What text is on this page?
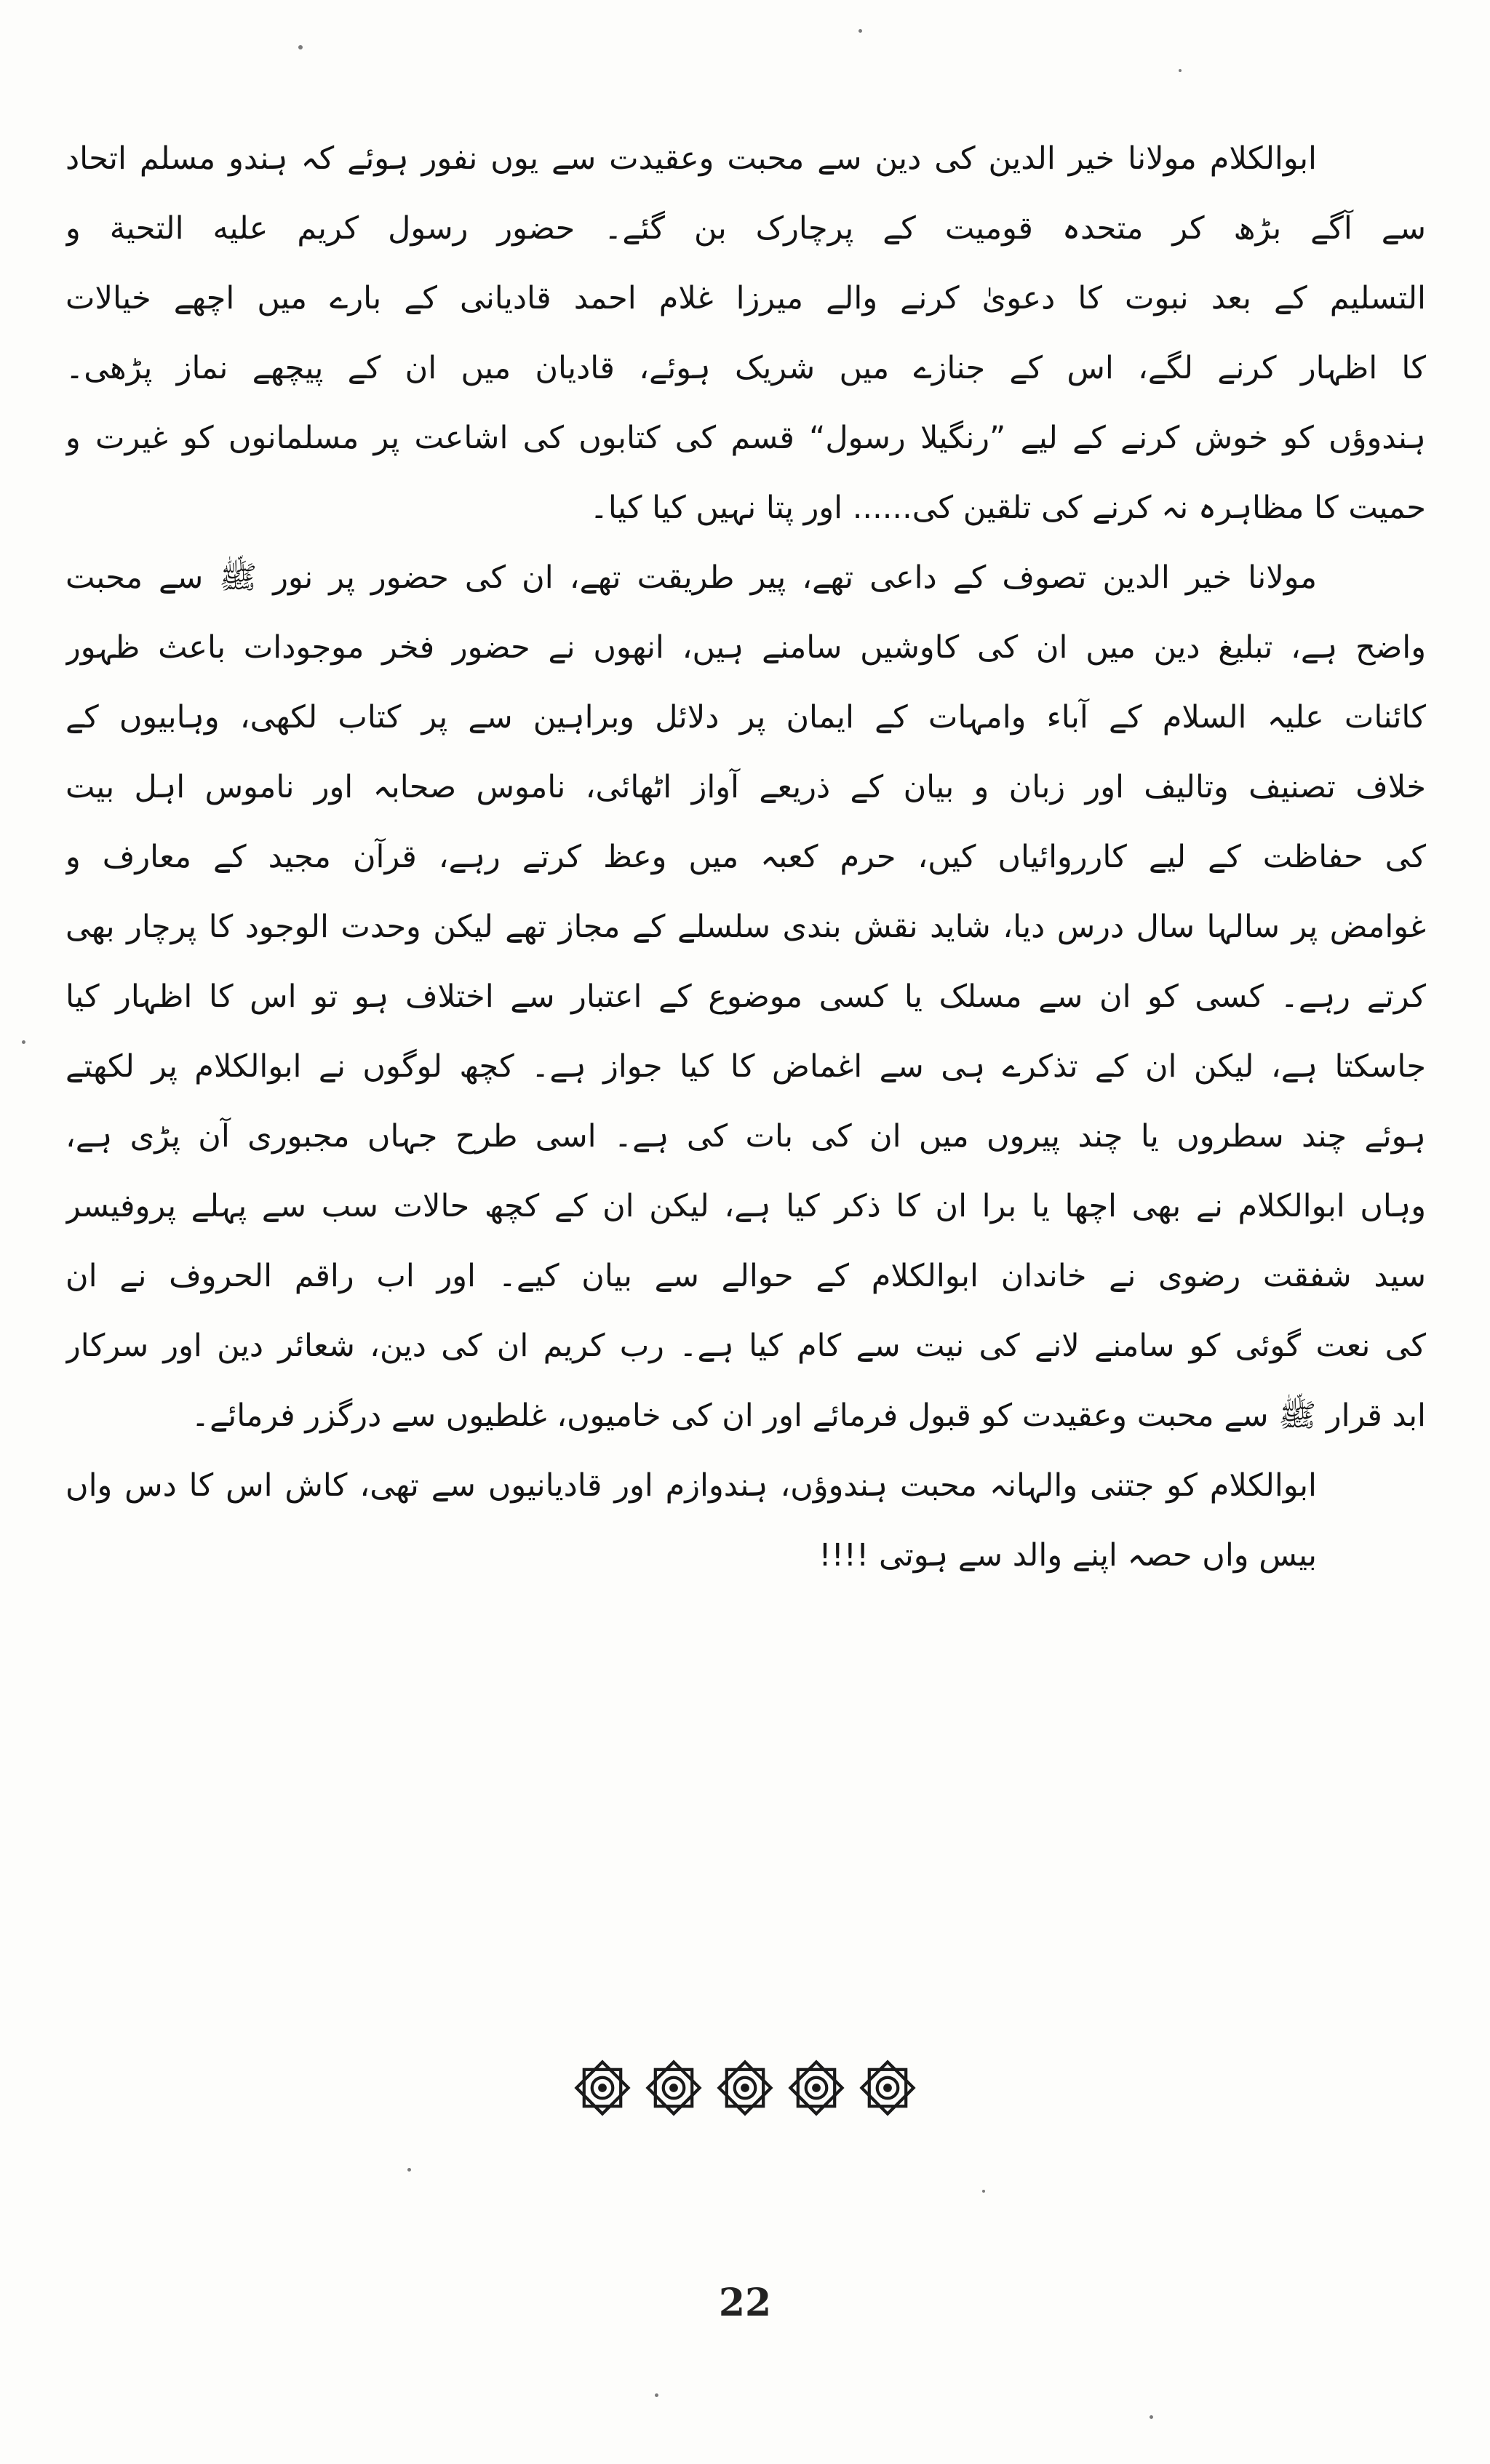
ابوالکلام مولانا خیر الدین کی دین سے محبت وعقیدت سے یوں نفور ہوئے کہ ہندو مسلم اتحاد
سے آگے بڑھ کر متحدہ قومیت کے پرچارک بن گئے۔ حضور رسول کریم علیه التحية و
التسليم کے بعد نبوت کا دعویٰ کرنے والے میرزا غلام احمد قادیانی کے بارے میں اچھے خیالات
کا اظہار کرنے لگے، اس کے جنازے میں شریک ہوئے، قادیان میں ان کے پیچھے نماز پڑھی۔
ہندوؤں کو خوش کرنے کے لیے ”رنگیلا رسول“ قسم کی کتابوں کی اشاعت پر مسلمانوں کو غیرت و
حمیت کا مظاہرہ نہ کرنے کی تلقین کی...... اور پتا نہیں کیا کیا۔
مولانا خیر الدین تصوف کے داعی تھے، پیر طریقت تھے، ان کی حضور پر نور ﷺ سے محبت
واضح ہے، تبلیغ دین میں ان کی کاوشیں سامنے ہیں، انھوں نے حضور فخر موجودات باعث ظہور
کائنات علیہ السلام کے آباء وامہات کے ایمان پر دلائل وبراہین سے پر کتاب لکھی، وہابیوں کے
خلاف تصنیف وتالیف اور زبان و بیان کے ذریعے آواز اٹھائی، ناموس صحابہ اور ناموس اہل بیت
کی حفاظت کے لیے کارروائیاں کیں، حرم کعبہ میں وعظ کرتے رہے، قرآن مجید کے معارف و
غوامض پر سالہا سال درس دیا، شاید نقش بندی سلسلے کے مجاز تھے لیکن وحدت الوجود کا پرچار بھی
کرتے رہے۔ کسی کو ان سے مسلک یا کسی موضوع کے اعتبار سے اختلاف ہو تو اس کا اظہار کیا
جاسکتا ہے، لیکن ان کے تذکرے ہی سے اغماض کا کیا جواز ہے۔ کچھ لوگوں نے ابوالکلام پر لکھتے
ہوئے چند سطروں یا چند پیروں میں ان کی بات کی ہے۔ اسی طرح جہاں مجبوری آن پڑی ہے،
وہاں ابوالکلام نے بھی اچھا یا برا ان کا ذکر کیا ہے، لیکن ان کے کچھ حالات سب سے پہلے پروفیسر
سید شفقت رضوی نے خاندان ابوالکلام کے حوالے سے بیان کیے۔ اور اب راقم الحروف نے ان
کی نعت گوئی کو سامنے لانے کی نیت سے کام کیا ہے۔ رب کریم ان کی دین، شعائر دین اور سرکار
ابد قرار ﷺ سے محبت وعقیدت کو قبول فرمائے اور ان کی خامیوں، غلطیوں سے درگزر فرمائے۔
ابوالکلام کو جتنی والہانہ محبت ہندوؤں، ہندوازم اور قادیانیوں سے تھی، کاش اس کا دس واں
بیس واں حصہ اپنے والد سے ہوتی !!!!
22
